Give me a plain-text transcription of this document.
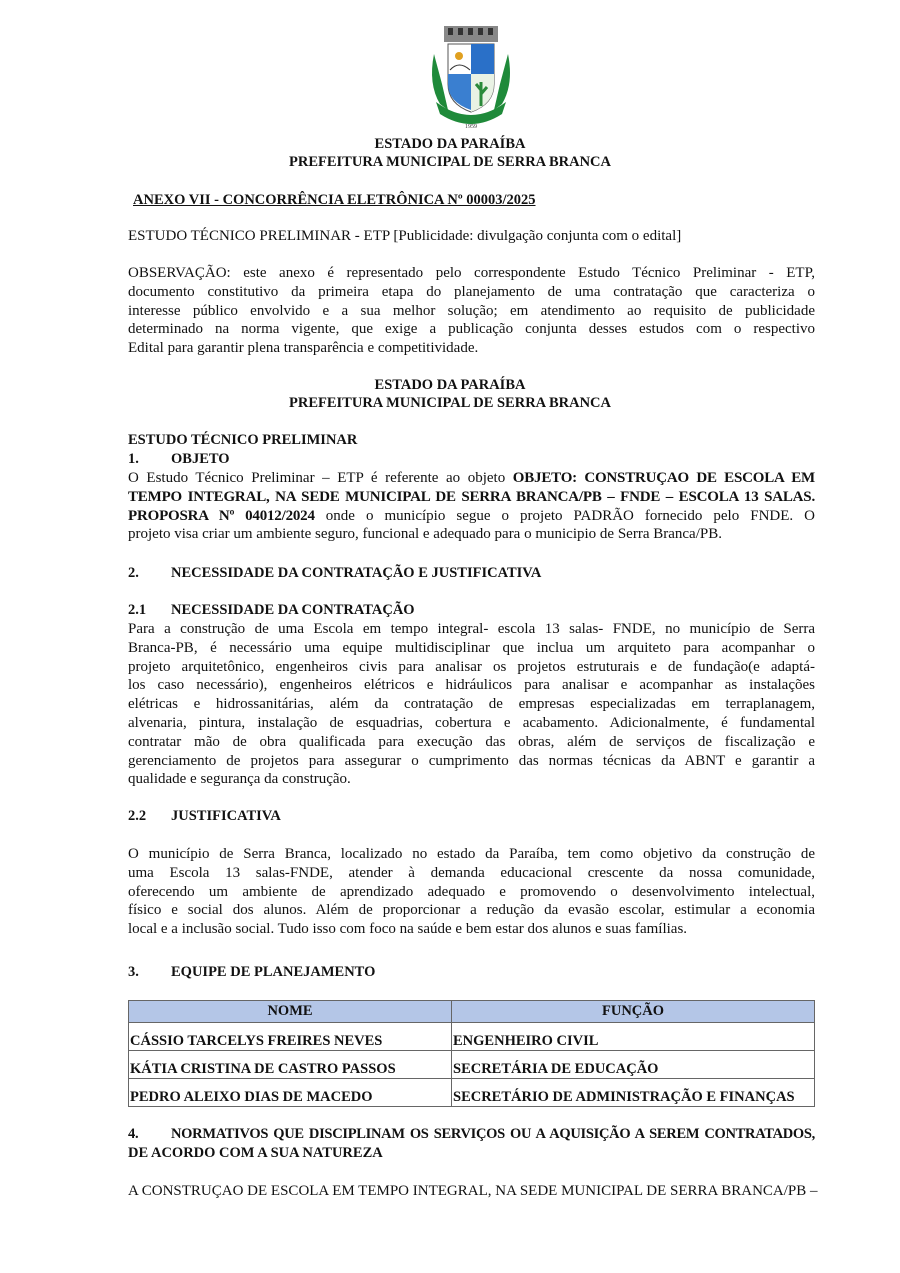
1959
ESTADO DA PARAÍBA
PREFEITURA MUNICIPAL DE SERRA BRANCA
ANEXO VII - CONCORRÊNCIA ELETRÔNICA Nº 00003/2025
ESTUDO TÉCNICO PRELIMINAR - ETP [Publicidade: divulgação conjunta com o edital]
OBSERVAÇÃO: este anexo é representado pelo correspondente Estudo Técnico Preliminar - ETP,
documento constitutivo da primeira etapa do planejamento de uma contratação que caracteriza o
interesse público envolvido e a sua melhor solução; em atendimento ao requisito de publicidade
determinado na norma vigente, que exige a publicação conjunta desses estudos com o respectivo
Edital para garantir plena transparência e competitividade.
ESTADO DA PARAÍBA
PREFEITURA MUNICIPAL DE SERRA BRANCA
ESTUDO TÉCNICO PRELIMINAR
1. OBJETO
O Estudo Técnico Preliminar – ETP é referente ao objeto OBJETO: CONSTRUÇAO DE ESCOLA EM
TEMPO INTEGRAL, NA SEDE MUNICIPAL DE SERRA BRANCA/PB – FNDE – ESCOLA 13 SALAS.
PROPOSRA Nº 04012/2024 onde o município segue o projeto PADRÃO fornecido pelo FNDE. O
projeto visa criar um ambiente seguro, funcional e adequado para o municipio de Serra Branca/PB.
2. NECESSIDADE DA CONTRATAÇÃO E JUSTIFICATIVA
2.1 NECESSIDADE DA CONTRATAÇÃO
Para a construção de uma Escola em tempo integral- escola 13 salas- FNDE, no município de Serra
Branca-PB, é necessário uma equipe multidisciplinar que inclua um arquiteto para acompanhar o
projeto arquitetônico, engenheiros civis para analisar os projetos estruturais e de fundação(e adaptá-
los caso necessário), engenheiros elétricos e hidráulicos para analisar e acompanhar as instalações
elétricas e hidrossanitárias, além da contratação de empresas especializadas em terraplanagem,
alvenaria, pintura, instalação de esquadrias, cobertura e acabamento. Adicionalmente, é fundamental
contratar mão de obra qualificada para execução das obras, além de serviços de fiscalização e
gerenciamento de projetos para assegurar o cumprimento das normas técnicas da ABNT e garantir a
qualidade e segurança da construção.
2.2 JUSTIFICATIVA
O município de Serra Branca, localizado no estado da Paraíba, tem como objetivo da construção de
uma Escola 13 salas-FNDE, atender à demanda educacional crescente da nossa comunidade,
oferecendo um ambiente de aprendizado adequado e promovendo o desenvolvimento intelectual,
físico e social dos alunos. Além de proporcionar a redução da evasão escolar, estimular a economia
local e a inclusão social. Tudo isso com foco na saúde e bem estar dos alunos e suas famílias.
3. EQUIPE DE PLANEJAMENTO
NOME	FUNÇÃO
CÁSSIO TARCELYS FREIRES NEVES	ENGENHEIRO CIVIL
KÁTIA CRISTINA DE CASTRO PASSOS	SECRETÁRIA DE EDUCAÇÃO
PEDRO ALEIXO DIAS DE MACEDO	SECRETÁRIO DE ADMINISTRAÇÃO E FINANÇAS
4. NORMATIVOS QUE DISCIPLINAM OS SERVIÇOS OU A AQUISIÇÃO A SEREM CONTRATADOS,
DE ACORDO COM A SUA NATUREZA
A CONSTRUÇAO DE ESCOLA EM TEMPO INTEGRAL, NA SEDE MUNICIPAL DE SERRA BRANCA/PB –
